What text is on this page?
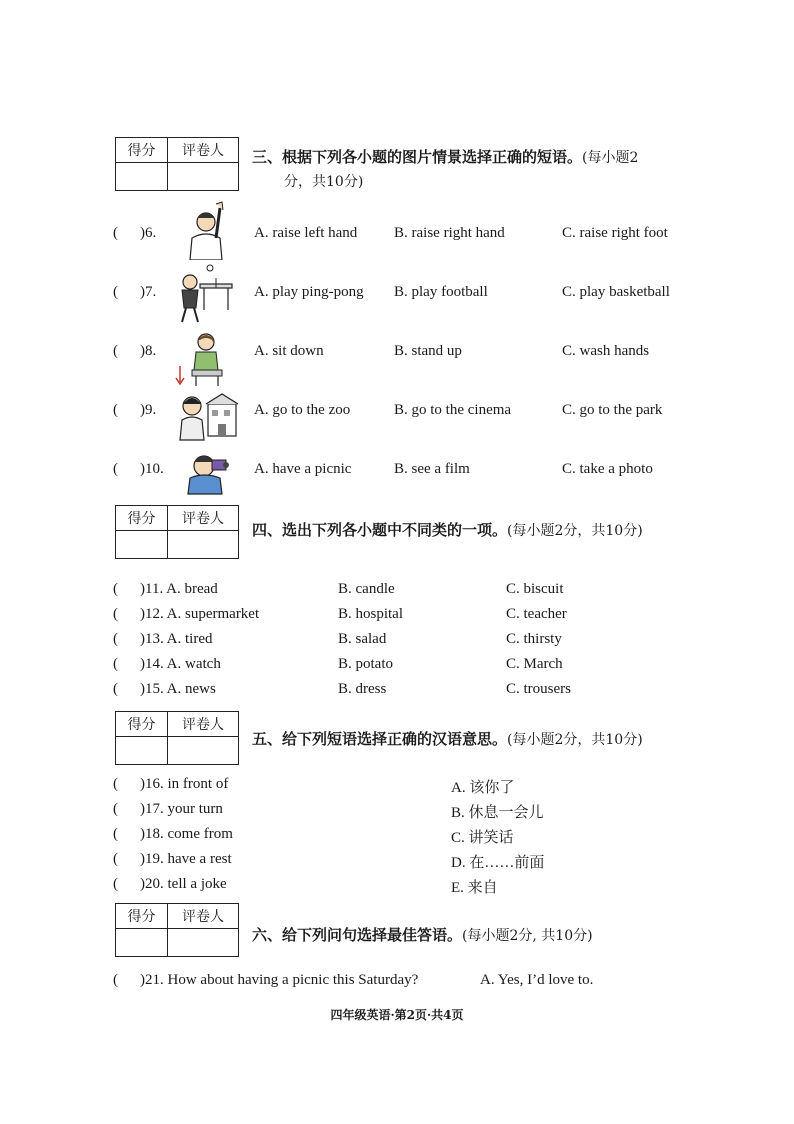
得分	评卷人	三、根据下列各小题的图片情景选择正确的短语。(每小题2
分，共10分)
( )6.	A. raise left hand B. raise right hand	C. raise right foot
( )7.	A. play ping-pong B. play football	C. play basketball
( )8.	A. sit down	B. stand up	C. wash hands
( )9.	A. go to the zoo	B. go to the cinema	C. go to the park
( )10.	A. have a picnic	B. see a film	C. take a photo
得分	评卷人
四、选出下列各小题中不同类的一项。(每小题2分，共10分)
( )11. A. bread	B. candle	C. biscuit
( )12. A. supermarket	B. hospital	C. teacher
( )13. A. tired	B. salad	C. thirsty
( )14. A. watch	B. potato	C. March
( )15. A. news	B. dress	C. trousers
得分	评卷人
五、给下列短语选择正确的汉语意思。(每小题2分，共10分)
( )16. in front of	A. 该你了
( )17. your turn	B. 休息一会儿
( )18. come from	C. 讲笑话
( )19. have a rest	D. 在……前面
( )20. tell a joke	E. 来自
得分	评卷人
六、给下列问句选择最佳答语。(每小题2分, 共10分)
( )21. How about having a picnic this Saturday?	A. Yes, I’d love to.
四年级英语·第2页·共4页
